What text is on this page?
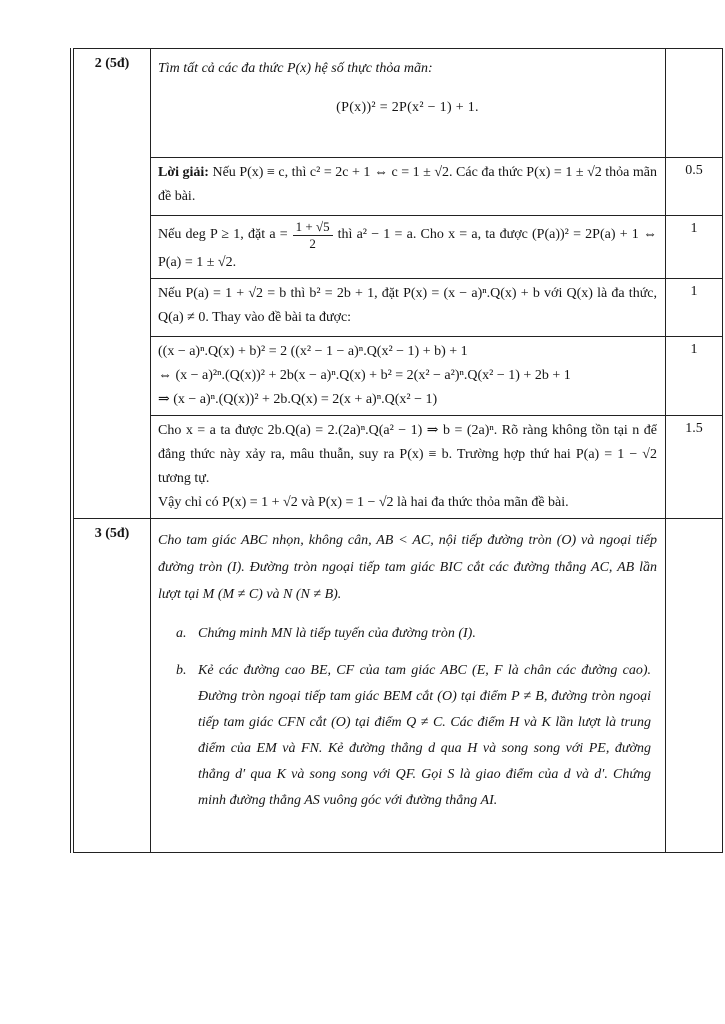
2 (5đ)	Tìm tất cả các đa thức P(x) hệ số thực thỏa mãn:
(P(x))² = 2P(x² − 1) + 1.	

	Lời giải: Nếu P(x) ≡ c, thì c² = 2c + 1 ⇔ c = 1 ± √2. Các đa thức P(x) = 1 ± √2 thỏa mãn đề bài.	0.5
	Nếu deg P ≥ 1, đặt $a = \frac{1 + √5}{2}$ thì a² − 1 = a. Cho x = a, ta được (P(a))² = 2P(a) + 1 ⇔ P(a) = 1 ± √2.	1
	Nếu P(a) = 1 + √2 = b thì b² = 2b + 1, đặt P(x) = (x − a)ⁿ.Q(x) + b với Q(x) là đa thức, Q(a) ≠ 0. Thay vào đề bài ta được:	1

	((x − a)ⁿ.Q(x) + b)² = 2 ((x² − 1 − a)ⁿ.Q(x² − 1) + b) + 1
⇔ (x − a)²ⁿ.(Q(x))² + 2b(x − a)ⁿ.Q(x) + b² = 2(x² − a²)ⁿ.Q(x² − 1) + 2b + 1
⇒ (x − a)ⁿ.(Q(x))² + 2b.Q(x) = 2(x + a)ⁿ.Q(x² − 1)	1

	Cho x = a ta được 2b.Q(a) = 2.(2a)ⁿ.Q(a² − 1) ⇒ b = (2a)ⁿ. Rõ ràng không tồn tại n để đẳng thức này xảy ra, mâu thuẫn, suy ra P(x) ≡ b. Trường hợp thứ hai P(a) = 1 − √2 tương tự.
Vậy chỉ có P(x) = 1 + √2 và P(x) = 1 − √2 là hai đa thức thỏa mãn đề bài.	1.5
3 (5đ)	Cho tam giác ABC nhọn, không cân, AB < AC, nội tiếp đường tròn (O) và ngoại tiếp đường tròn (I). Đường tròn ngoại tiếp tam giác BIC cắt các đường thẳng AC, AB lần lượt tại M (M ≠ C) và N (N ≠ B).
a. Chứng minh MN là tiếp tuyến của đường tròn (I).
b. Kẻ các đường cao BE, CF của tam giác ABC (E, F là chân các đường cao). Đường tròn ngoại tiếp tam giác BEM cắt (O) tại điểm P ≠ B, đường tròn ngoại tiếp tam giác CFN cắt (O) tại điểm Q ≠ C. Các điểm H và K lần lượt là trung điểm của EM và FN. Kẻ đường thẳng d qua H và song song với PE, đường thẳng d′ qua K và song song với QF. Gọi S là giao điểm của d và d′. Chứng minh đường thẳng AS vuông góc với đường thẳng AI.	
